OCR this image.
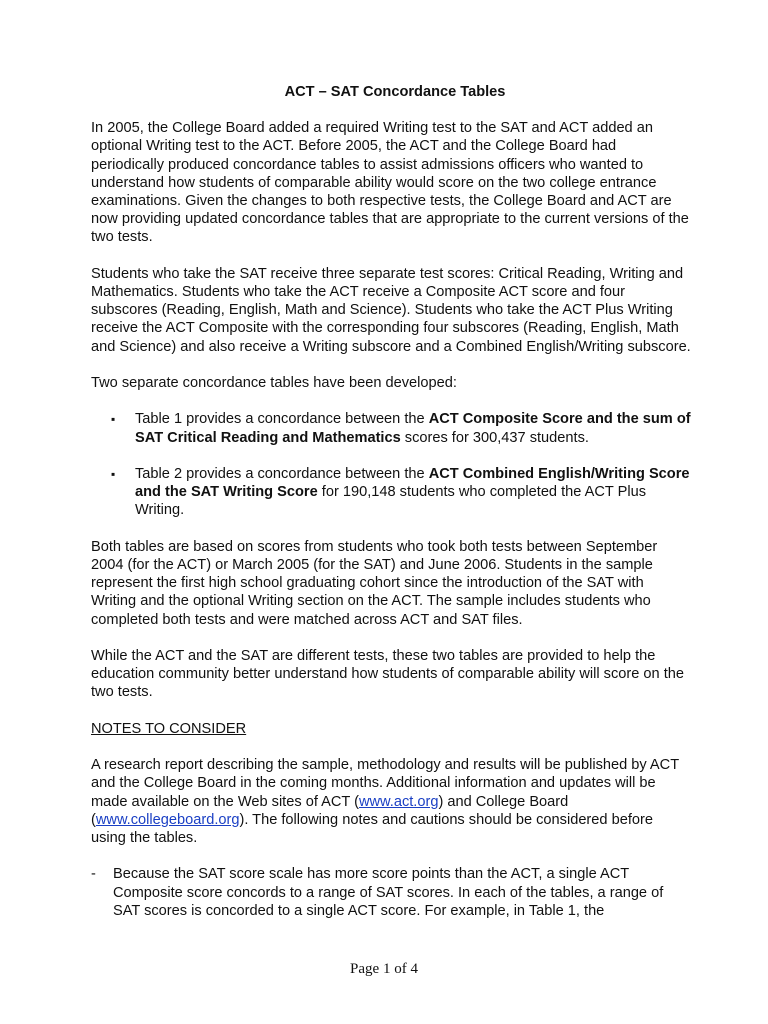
ACT – SAT Concordance Tables

In 2005, the College Board added a required Writing test to the SAT and ACT added an optional Writing test to the ACT. Before 2005, the ACT and the College Board had periodically produced concordance tables to assist admissions officers who wanted to understand how students of comparable ability would score on the two college entrance examinations. Given the changes to both respective tests, the College Board and ACT are now providing updated concordance tables that are appropriate to the current versions of the two tests.

Students who take the SAT receive three separate test scores: Critical Reading, Writing and Mathematics. Students who take the ACT receive a Composite ACT score and four subscores (Reading, English, Math and Science). Students who take the ACT Plus Writing receive the ACT Composite with the corresponding four subscores (Reading, English, Math and Science) and also receive a Writing subscore and a Combined English/Writing subscore.

Two separate concordance tables have been developed:

▪ Table 1 provides a concordance between the ACT Composite Score and the sum of SAT Critical Reading and Mathematics scores for 300,437 students.
▪ Table 2 provides a concordance between the ACT Combined English/Writing Score and the SAT Writing Score for 190,148 students who completed the ACT Plus Writing.

Both tables are based on scores from students who took both tests between September 2004 (for the ACT) or March 2005 (for the SAT) and June 2006. Students in the sample represent the first high school graduating cohort since the introduction of the SAT with Writing and the optional Writing section on the ACT. The sample includes students who completed both tests and were matched across ACT and SAT files.

While the ACT and the SAT are different tests, these two tables are provided to help the education community better understand how students of comparable ability will score on the two tests.

NOTES TO CONSIDER

A research report describing the sample, methodology and results will be published by ACT and the College Board in the coming months. Additional information and updates will be made available on the Web sites of ACT (www.act.org) and College Board (www.collegeboard.org). The following notes and cautions should be considered before using the tables.

- Because the SAT score scale has more score points than the ACT, a single ACT Composite score concords to a range of SAT scores. In each of the tables, a range of SAT scores is concorded to a single ACT score. For example, in Table 1, the
Page 1 of 4
